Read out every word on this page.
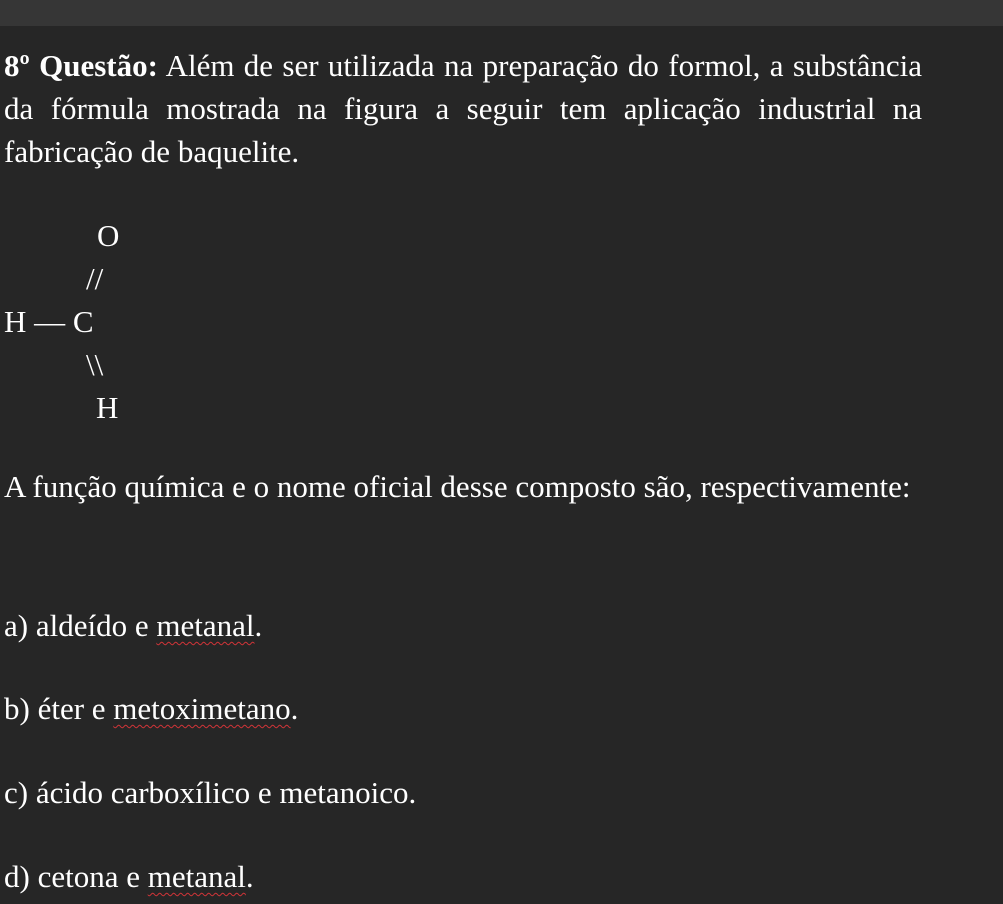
8º Questão: Além de ser utilizada na preparação do formol, a substância da fórmula mostrada na figura a seguir tem aplicação industrial na fabricação de baquelite.

O
//
H — C
\\
H

A função química e o nome oficial desse composto são, respectivamente:

a) aldeído e metanal.

b) éter e metoximetano.

c) ácido carboxílico e metanoico.

d) cetona e metanal.
